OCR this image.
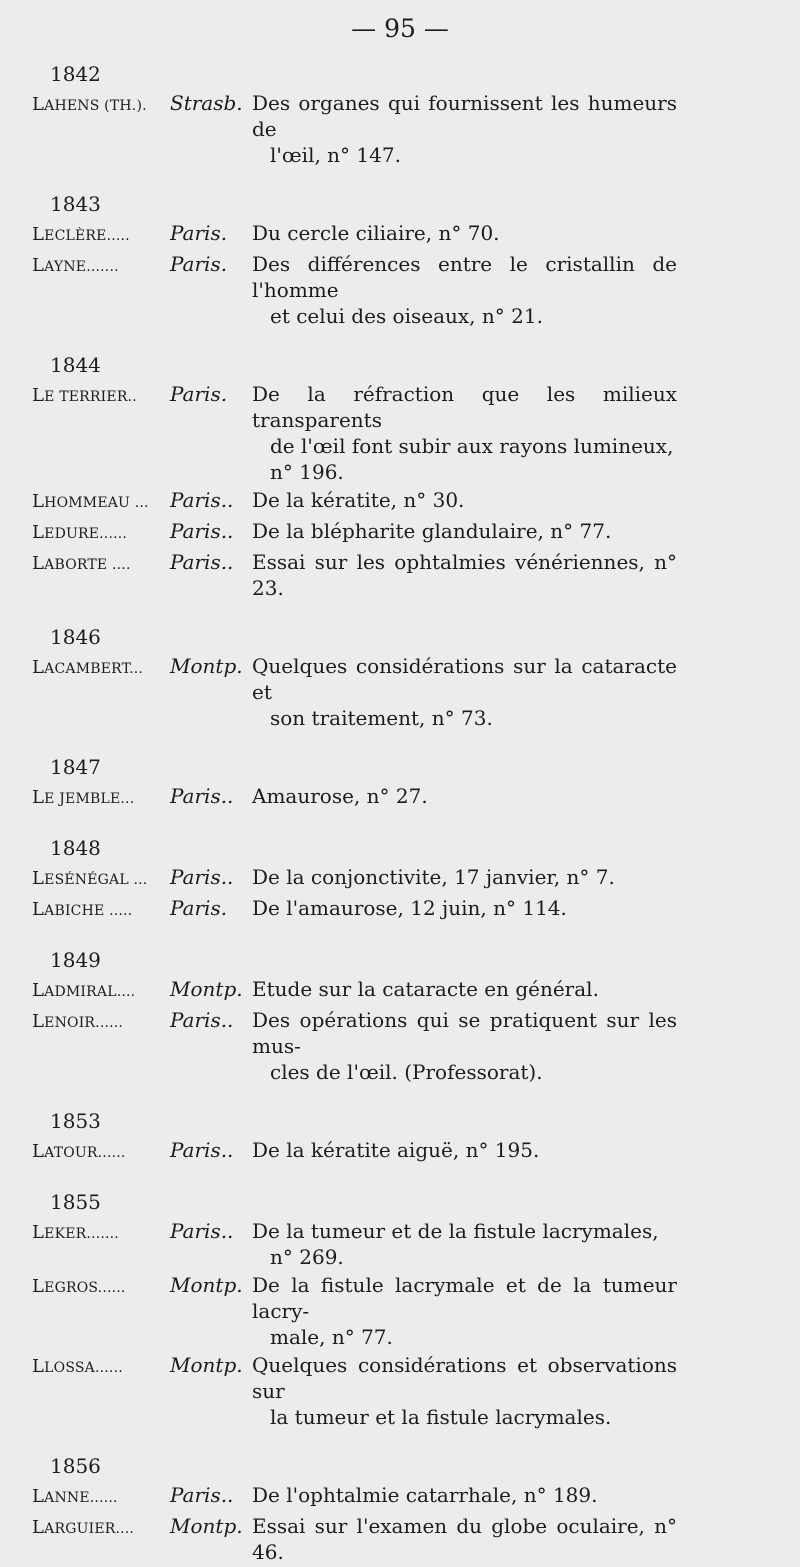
— 95 —
1842
LAHENS (TH.).	Strasb. Des organes qui fournissent les humeurs de
l'œil, n° 147.
1843
LECLÈRE.....	Paris.	Du cercle ciliaire, n° 70.
LAYNE.......	Paris.	Des différences entre le cristallin de l'homme
et celui des oiseaux, n° 21.
1844
LE TERRIER..	Paris.	De la réfraction que les milieux transparents
de l'œil font subir aux rayons lumineux,
n° 196.
LHOMMEAU ...	Paris.. De la kératite, n° 30.
LEDURE......	Paris.. De la blépharite glandulaire, n° 77.
LABORTE ....	Paris.. Essai sur les ophtalmies vénériennes, n° 23.
1846
LACAMBERT...	Montp. Quelques considérations sur la cataracte et
son traitement, n° 73.
1847
LE JEMBLE...	Paris.. Amaurose, n° 27.
1848
LESÉNÉGAL ...	Paris.. De la conjonctivite, 17 janvier, n° 7.
LABICHE .....	Paris.	De l'amaurose, 12 juin, n° 114.
1849
LADMIRAL....	Montp. Etude sur la cataracte en général.
LENOIR......	Paris.. Des opérations qui se pratiquent sur les mus-
cles de l'œil. (Professorat).
1853
LATOUR......	Paris.. De la kératite aiguë, n° 195.
1855
LEKER.......	Paris.. De la tumeur et de la fistule lacrymales,
n° 269.
LEGROS......	Montp. De la fistule lacrymale et de la tumeur lacry-
male, n° 77.
LLOSSA......	Montp. Quelques considérations et observations sur
la tumeur et la fistule lacrymales.
1856
LANNE......	Paris.. De l'ophtalmie catarrhale, n° 189.
LARGUIER....	Montp. Essai sur l'examen du globe oculaire, n° 46.
